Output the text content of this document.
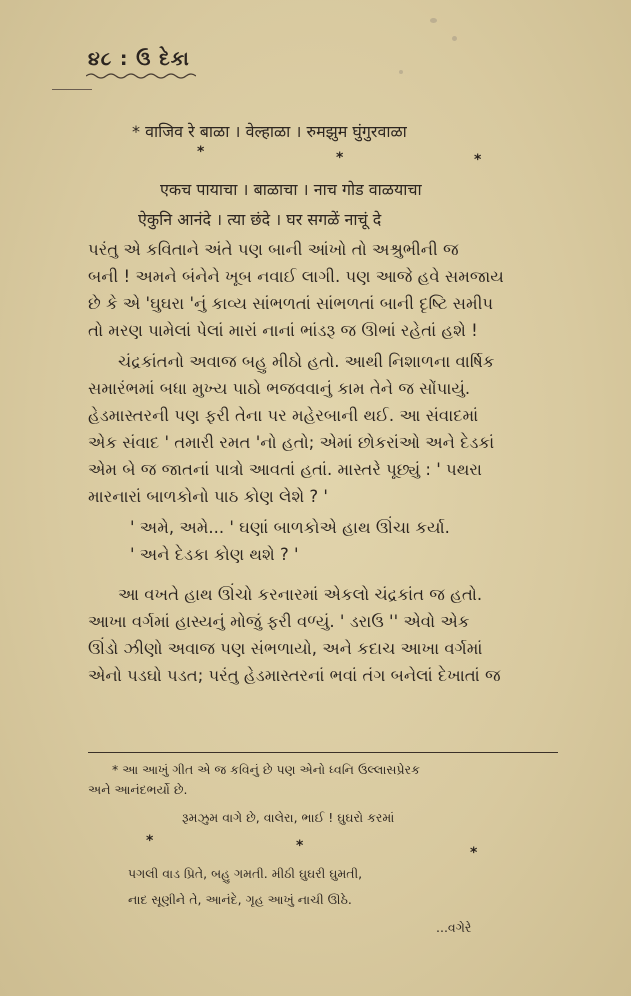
૪૮ : ઉ દેકા
* वाजिव रे बाळा । वेल्हाळा । रुमझुम घुंगुरवाळा
*	*	*
एकच पायाचा । बाळाचा । नाच गोड वाळयाचा
ऐकुनि आनंदे । त्या छंदे । घर सगळें नाचूं दे
પરંતુ એ કવિતાને અંતે પણ બાની આંખો તો અશ્રુભીની જ
બની ! અમને બંનેને ખૂબ નવાઈ લાગી. પણ આજે હવે સમજાય
છે કે એ 'ઘુઘરા 'નું કાવ્ય સાંભળતાં સાંભળતાં બાની દૃષ્ટિ સમીપ
તો મરણ પામેલાં પેલાં મારાં નાનાં ભાંડરૂ જ ઊભાં રહેતાં હશે !
ચંદ્રકાંતનો અવાજ બહુ મીઠો હતો. આથી નિશાળના વાર્ષિક
સમારંભમાં બધા મુખ્ય પાઠો ભજવવાનું કામ તેને જ સોંપાયું.
હેડમાસ્તરની પણ ફરી તેના પર મહેરબાની થઈ. આ સંવાદમાં
એક સંવાદ ' તમારી રમત 'નો હતો; એમાં છોકરાંઓ અને દેડકાં
એમ બે જ જાતનાં પાત્રો આવતાં હતાં. માસ્તરે પૂછ્યું : ' પથરા
મારનારાં બાળકોનો પાઠ કોણ લેશે ? '
' અમે, અમે... ' ઘણાં બાળકોએ હાથ ઊંચા કર્યા.
' અને દેડકા કોણ થશે ? '
આ વખતે હાથ ઊંચો કરનારમાં એકલો ચંદ્રકાંત જ હતો.
આખા વર્ગમાં હાસ્યનું મોજું ફરી વળ્યું. ' ડરાઉ '' એવો એક
ઊંડો ઝીણો અવાજ પણ સંભળાયો, અને કદાચ આખા વર્ગમાં
એનો પડઘો પડત; પરંતુ હેડમાસ્તરનાં ભવાં તંગ બનેલાં દેખાતાં જ
* આ આખું ગીત એ જ કવિનું છે પણ એનો ધ્વનિ ઉલ્લાસપ્રેરક
અને આનંદભર્યો છે.
રૂમઝુમ વાગે છે, વાલેરા, ભાઈ ! ઘુઘરો કરમાં
*	*	*
પગલી વાડ પ્રિતે, બહુ ગમતી. મીઠી ઘુઘરી ઘુમતી,
નાદ સૂણીને તે, આનંદે, ગૃહ આખું નાચી ઊઠે.
...વગેરે
